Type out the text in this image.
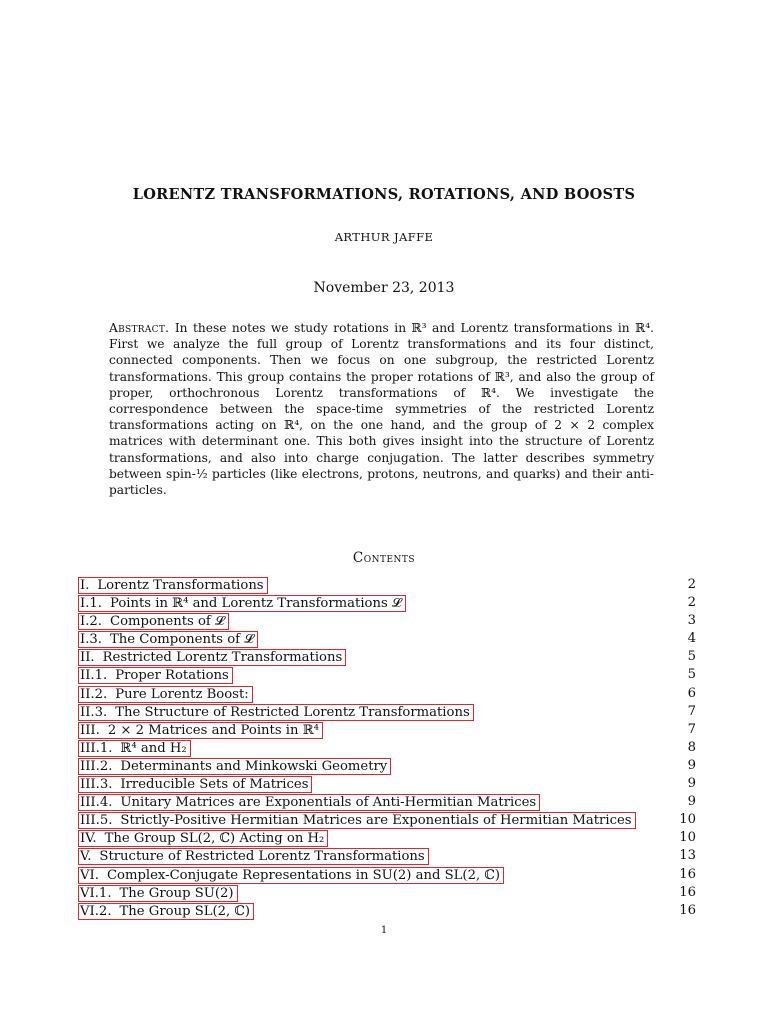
LORENTZ TRANSFORMATIONS, ROTATIONS, AND BOOSTS
ARTHUR JAFFE
November 23, 2013
Abstract. In these notes we study rotations in ℝ³ and Lorentz transformations in ℝ⁴. First we analyze the full group of Lorentz transformations and its four distinct, connected components. Then we focus on one subgroup, the restricted Lorentz transformations. This group contains the proper rotations of ℝ³, and also the group of proper, orthochronous Lorentz transformations of ℝ⁴. We investigate the correspondence between the space-time symmetries of the restricted Lorentz transformations acting on ℝ⁴, on the one hand, and the group of 2 × 2 complex matrices with determinant one. This both gives insight into the structure of Lorentz transformations, and also into charge conjugation. The latter describes symmetry between spin-½ particles (like electrons, protons, neutrons, and quarks) and their anti-particles.
Contents
I. Lorentz Transformations	2
I.1. Points in ℝ⁴ and Lorentz Transformations 𝓛	2
I.2. Components of 𝓛	3
I.3. The Components of 𝓛	4
II. Restricted Lorentz Transformations	5
II.1. Proper Rotations	5
II.2. Pure Lorentz Boost:	6
II.3. The Structure of Restricted Lorentz Transformations	7
III. 2 × 2 Matrices and Points in ℝ⁴	7
III.1. ℝ⁴ and H₂	8
III.2. Determinants and Minkowski Geometry	9
III.3. Irreducible Sets of Matrices	9
III.4. Unitary Matrices are Exponentials of Anti-Hermitian Matrices	9
III.5. Strictly-Positive Hermitian Matrices are Exponentials of Hermitian Matrices	10
IV. The Group SL(2, ℂ) Acting on H₂	10
V. Structure of Restricted Lorentz Transformations	13
VI. Complex-Conjugate Representations in SU(2) and SL(2, ℂ)	16
VI.1. The Group SU(2)	16
VI.2. The Group SL(2, ℂ)	16
1
